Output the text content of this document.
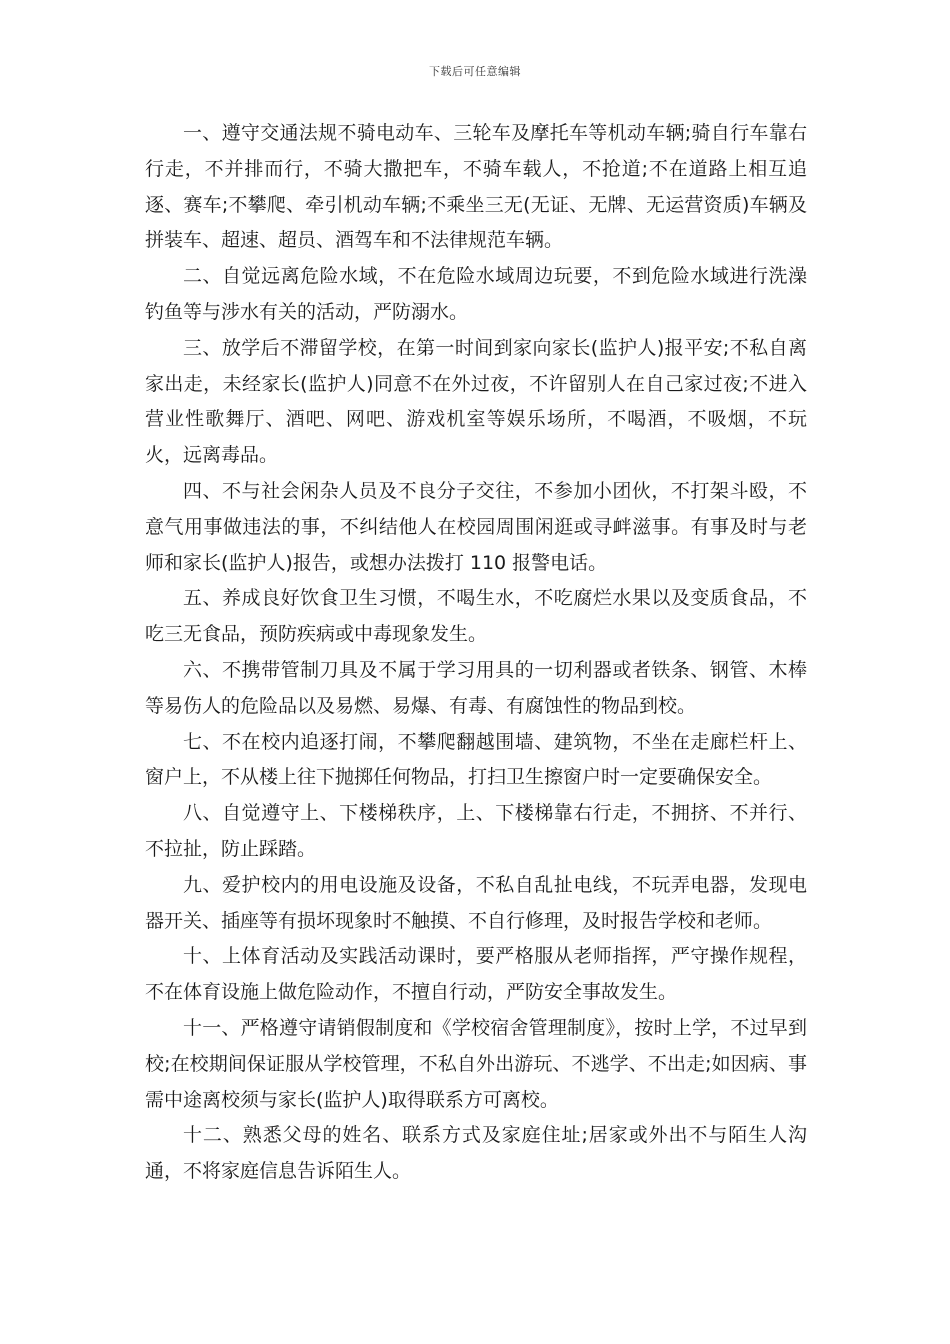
下载后可任意编辑

一、遵守交通法规不骑电动车、三轮车及摩托车等机动车辆;骑自行车靠右行走，不并排而行，不骑大撒把车，不骑车载人，不抢道;不在道路上相互追逐、赛车;不攀爬、牵引机动车辆;不乘坐三无(无证、无牌、无运营资质)车辆及拼装车、超速、超员、酒驾车和不法律规范车辆。

二、自觉远离危险水域，不在危险水域周边玩要，不到危险水域进行洗澡钓鱼等与涉水有关的活动，严防溺水。

三、放学后不滞留学校，在第一时间到家向家长(监护人)报平安;不私自离家出走，未经家长(监护人)同意不在外过夜，不许留别人在自己家过夜;不进入营业性歌舞厅、酒吧、网吧、游戏机室等娱乐场所，不喝酒，不吸烟，不玩火，远离毒品。

四、不与社会闲杂人员及不良分子交往，不参加小团伙，不打架斗殴，不意气用事做违法的事，不纠结他人在校园周围闲逛或寻衅滋事。有事及时与老师和家长(监护人)报告，或想办法拨打 110 报警电话。

五、养成良好饮食卫生习惯，不喝生水，不吃腐烂水果以及变质食品，不吃三无食品，预防疾病或中毒现象发生。

六、不携带管制刀具及不属于学习用具的一切利器或者铁条、钢管、木棒等易伤人的危险品以及易燃、易爆、有毒、有腐蚀性的物品到校。

七、不在校内追逐打闹，不攀爬翻越围墙、建筑物，不坐在走廊栏杆上、窗户上，不从楼上往下抛掷任何物品，打扫卫生擦窗户时一定要确保安全。

八、自觉遵守上、下楼梯秩序，上、下楼梯靠右行走，不拥挤、不并行、不拉扯，防止踩踏。

九、爱护校内的用电设施及设备，不私自乱扯电线，不玩弄电器，发现电器开关、插座等有损坏现象时不触摸、不自行修理，及时报告学校和老师。

十、上体育活动及实践活动课时，要严格服从老师指挥，严守操作规程，不在体育设施上做危险动作，不擅自行动，严防安全事故发生。

十一、严格遵守请销假制度和《学校宿舍管理制度》，按时上学，不过早到校;在校期间保证服从学校管理，不私自外出游玩、不逃学、不出走;如因病、事需中途离校须与家长(监护人)取得联系方可离校。

十二、熟悉父母的姓名、联系方式及家庭住址;居家或外出不与陌生人沟通，不将家庭信息告诉陌生人。
